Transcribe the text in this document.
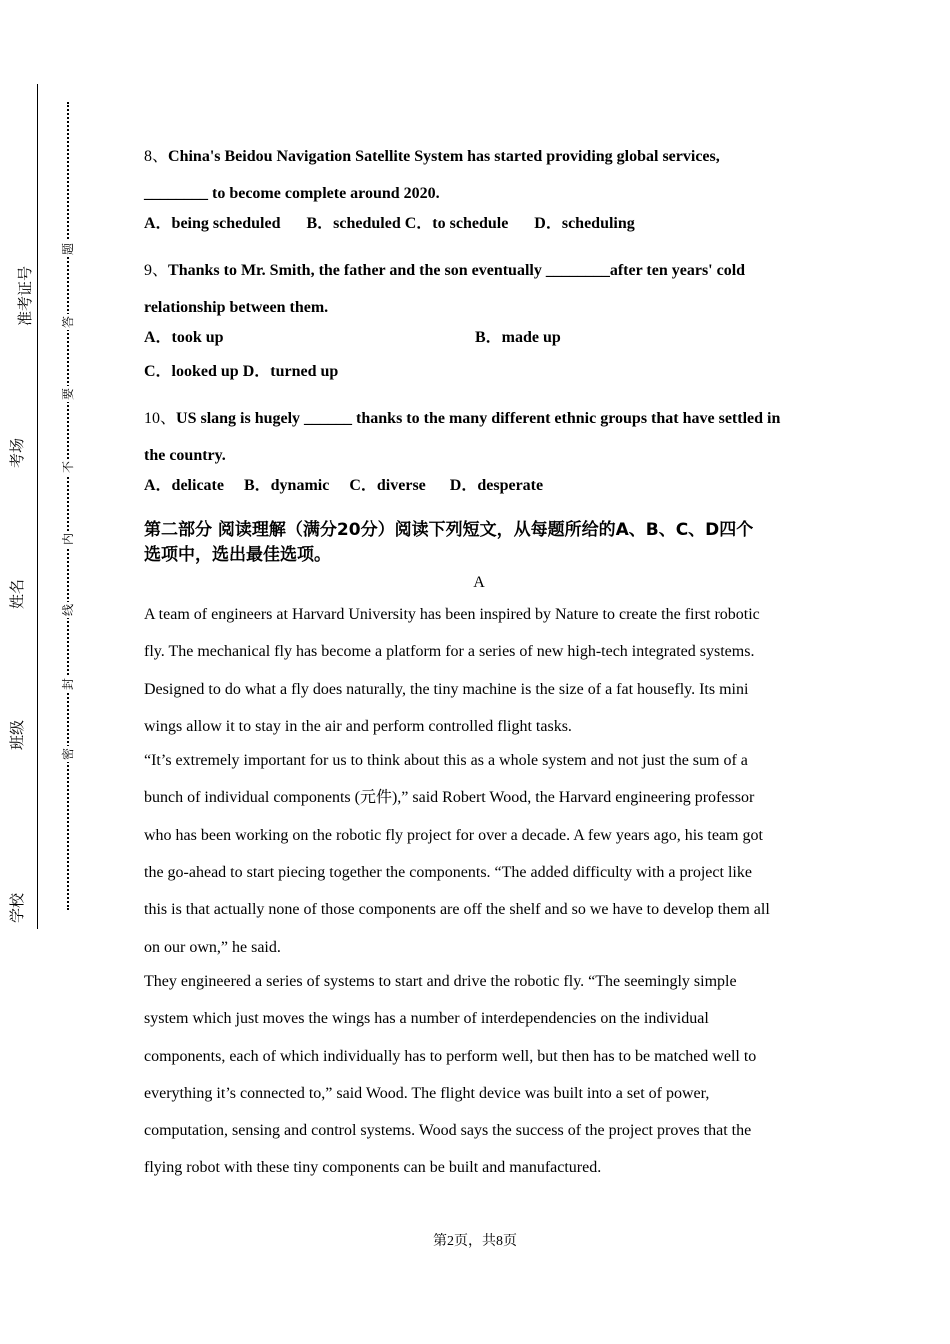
准考证号
考场
姓名
班级
学校
题
答
要
不
内
线
封
密
8、China's Beidou Navigation Satellite System has started providing global services,
________ to become complete around 2020.
A．being scheduled B．scheduled C．to schedule D．scheduling
9、Thanks to Mr. Smith, the father and the son eventually ________after ten years' cold
relationship between them.
A．took up	B．made up
C．looked up D．turned up
10、US slang is hugely ______ thanks to the many different ethnic groups that have settled in
the country.
A．delicate B．dynamic C．diverse D．desperate
第二部分 阅读理解（满分20分）阅读下列短文，从每题所给的A、B、C、D四个
选项中，选出最佳选项。
A
A team of engineers at Harvard University has been inspired by Nature to create the first robotic
fly. The mechanical fly has become a platform for a series of new high-tech integrated systems.
Designed to do what a fly does naturally, the tiny machine is the size of a fat housefly. Its mini
wings allow it to stay in the air and perform controlled flight tasks.
“It’s extremely important for us to think about this as a whole system and not just the sum of a
bunch of individual components (元件),” said Robert Wood, the Harvard engineering professor
who has been working on the robotic fly project for over a decade. A few years ago, his team got
the go-ahead to start piecing together the components. “The added difficulty with a project like
this is that actually none of those components are off the shelf and so we have to develop them all
on our own,” he said.
They engineered a series of systems to start and drive the robotic fly. “The seemingly simple
system which just moves the wings has a number of interdependencies on the individual
components, each of which individually has to perform well, but then has to be matched well to
everything it’s connected to,” said Wood. The flight device was built into a set of power,
computation, sensing and control systems. Wood says the success of the project proves that the
flying robot with these tiny components can be built and manufactured.
第2页，共8页
